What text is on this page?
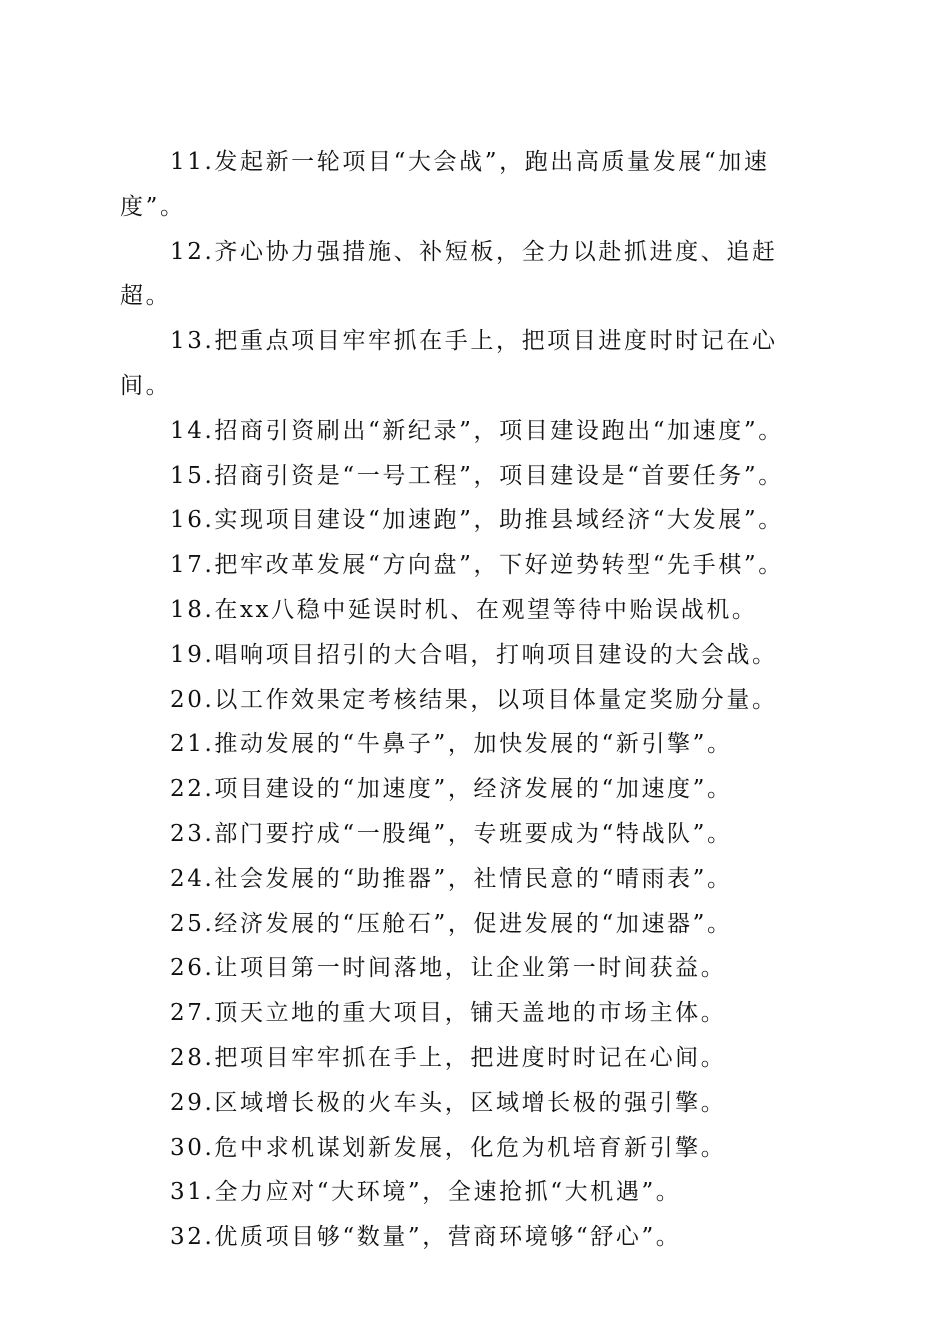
11.发起新一轮项目“大会战”，跑出高质量发展“加速度”。

12.齐心协力强措施、补短板，全力以赴抓进度、追赶超。

13.把重点项目牢牢抓在手上，把项目进度时时记在心间。

14.招商引资刷出“新纪录”，项目建设跑出“加速度”。

15.招商引资是“一号工程”，项目建设是“首要任务”。

16.实现项目建设“加速跑”，助推县域经济“大发展”。

17.把牢改革发展“方向盘”，下好逆势转型“先手棋”。

18.在xx八稳中延误时机、在观望等待中贻误战机。

19.唱响项目招引的大合唱，打响项目建设的大会战。

20.以工作效果定考核结果，以项目体量定奖励分量。

21.推动发展的“牛鼻子”，加快发展的“新引擎”。

22.项目建设的“加速度”，经济发展的“加速度”。

23.部门要拧成“一股绳”，专班要成为“特战队”。

24.社会发展的“助推器”，社情民意的“晴雨表”。

25.经济发展的“压舱石”，促进发展的“加速器”。

26.让项目第一时间落地，让企业第一时间获益。

27.顶天立地的重大项目，铺天盖地的市场主体。

28.把项目牢牢抓在手上，把进度时时记在心间。

29.区域增长极的火车头，区域增长极的强引擎。

30.危中求机谋划新发展，化危为机培育新引擎。

31.全力应对“大环境”，全速抢抓“大机遇”。

32.优质项目够“数量”，营商环境够“舒心”。
